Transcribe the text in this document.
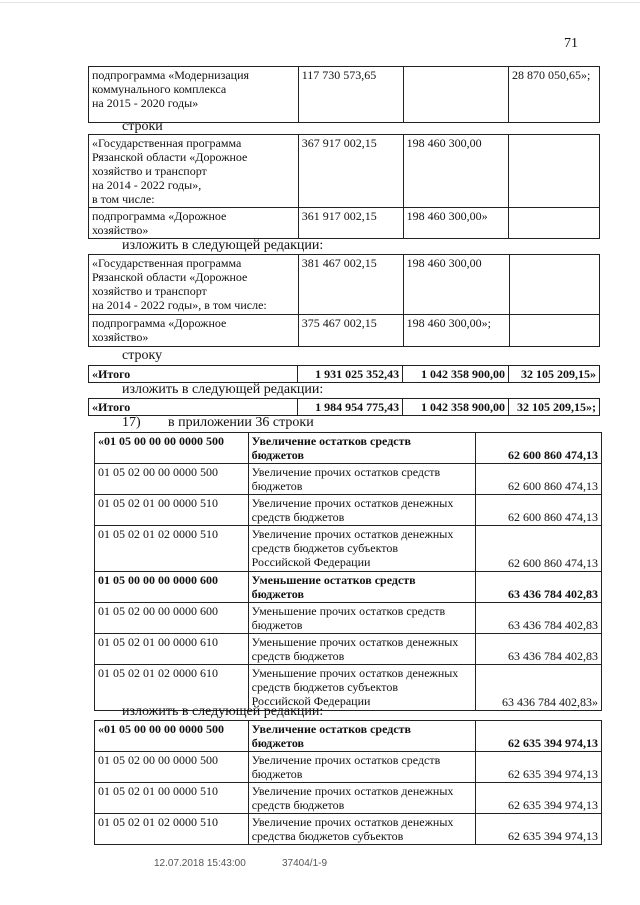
71
подпрограмма «Модернизация
коммунального комплекса
на 2015 - 2020 годы»	117 730 573,65		28 870 050,65»;
строки
«Государственная программа
Рязанской области «Дорожное
хозяйство и транспорт
на 2014 - 2022 годы»,
в том числе:	367 917 002,15	198 460 300,00	
подпрограмма «Дорожное
хозяйство»	361 917 002,15	198 460 300,00»	
изложить в следующей редакции:
«Государственная программа
Рязанской области «Дорожное
хозяйство и транспорт
на 2014 - 2022 годы», в том числе:	381 467 002,15	198 460 300,00	
подпрограмма «Дорожное
хозяйство»	375 467 002,15	198 460 300,00»;	
строку
«Итого	1 931 025 352,43	1 042 358 900,00	32 105 209,15»
изложить в следующей редакции:
«Итого	1 984 954 775,43	1 042 358 900,00	32 105 209,15»;
17) в приложении 36 строки
«01 05 00 00 00 0000 500	Увеличение остатков средств
бюджетов	62 600 860 474,13
01 05 02 00 00 0000 500	Увеличение прочих остатков средств
бюджетов	62 600 860 474,13
01 05 02 01 00 0000 510	Увеличение прочих остатков денежных
средств бюджетов	62 600 860 474,13
01 05 02 01 02 0000 510	Увеличение прочих остатков денежных
средств бюджетов субъектов
Российской Федерации	62 600 860 474,13
01 05 00 00 00 0000 600	Уменьшение остатков средств
бюджетов	63 436 784 402,83
01 05 02 00 00 0000 600	Уменьшение прочих остатков средств
бюджетов	63 436 784 402,83
01 05 02 01 00 0000 610	Уменьшение прочих остатков денежных
средств бюджетов	63 436 784 402,83
01 05 02 01 02 0000 610	Уменьшение прочих остатков денежных
средств бюджетов субъектов
Российской Федерации	63 436 784 402,83»
изложить в следующей редакции:
«01 05 00 00 00 0000 500	Увеличение остатков средств
бюджетов	62 635 394 974,13
01 05 02 00 00 0000 500	Увеличение прочих остатков средств
бюджетов	62 635 394 974,13
01 05 02 01 00 0000 510	Увеличение прочих остатков денежных
средств бюджетов	62 635 394 974,13
01 05 02 01 02 0000 510	Увеличение прочих остатков денежных
средства бюджетов субъектов	62 635 394 974,13
12.07.2018 15:43:00	37404/1-9
